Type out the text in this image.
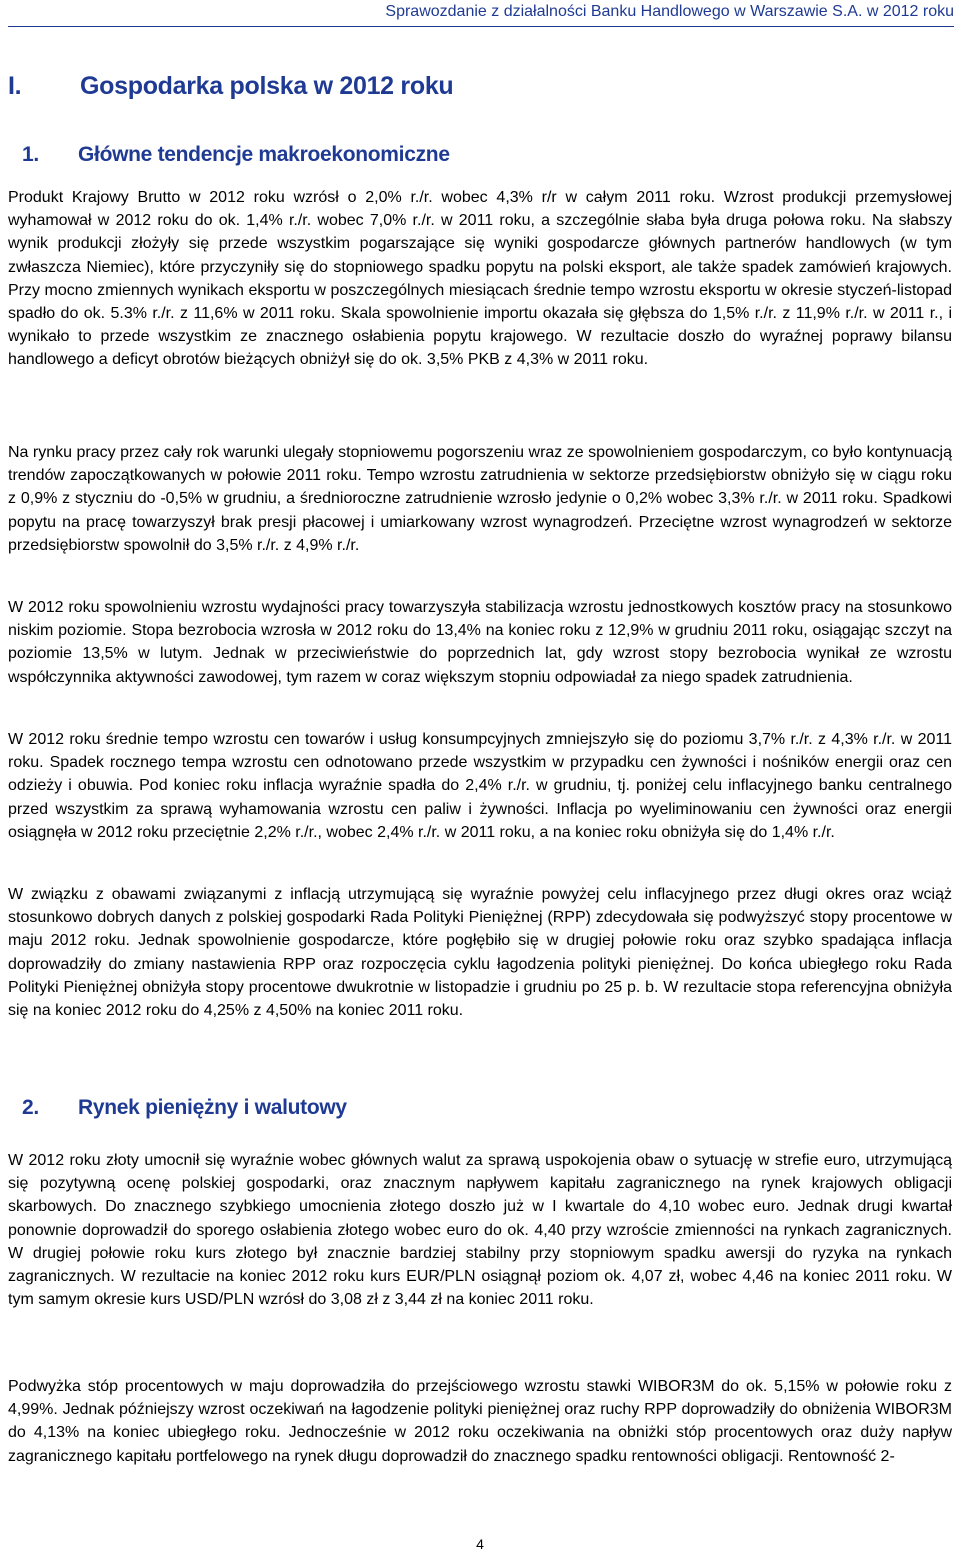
Sprawozdanie z działalności Banku Handlowego w Warszawie S.A. w 2012 roku
I. Gospodarka polska w 2012 roku
1. Główne tendencje makroekonomiczne

Produkt Krajowy Brutto w 2012 roku wzrósł o 2,0% r./r. wobec 4,3% r/r w całym 2011 roku. Wzrost produkcji przemysłowej wyhamował w 2012 roku do ok. 1,4% r./r. wobec 7,0% r./r. w 2011 roku, a szczególnie słaba była druga połowa roku. Na słabszy wynik produkcji złożyły się przede wszystkim pogarszające się wyniki gospodarcze głównych partnerów handlowych (w tym zwłaszcza Niemiec), które przyczyniły się do stopniowego spadku popytu na polski eksport, ale także spadek zamówień krajowych. Przy mocno zmiennych wynikach eksportu w poszczególnych miesiącach średnie tempo wzrostu eksportu w okresie styczeń-listopad spadło do ok. 5.3% r./r. z 11,6% w 2011 roku. Skala spowolnienie importu okazała się głębsza do 1,5% r./r. z 11,9% r./r. w 2011 r., i wynikało to przede wszystkim ze znacznego osłabienia popytu krajowego. W rezultacie doszło do wyraźnej poprawy bilansu handlowego a deficyt obrotów bieżących obniżył się do ok. 3,5% PKB z 4,3% w 2011 roku.

Na rynku pracy przez cały rok warunki ulegały stopniowemu pogorszeniu wraz ze spowolnieniem gospodarczym, co było kontynuacją trendów zapoczątkowanych w połowie 2011 roku. Tempo wzrostu zatrudnienia w sektorze przedsiębiorstw obniżyło się w ciągu roku z 0,9% z styczniu do -0,5% w grudniu, a średnioroczne zatrudnienie wzrosło jedynie o 0,2% wobec 3,3% r./r. w 2011 roku. Spadkowi popytu na pracę towarzyszył brak presji płacowej i umiarkowany wzrost wynagrodzeń. Przeciętne wzrost wynagrodzeń w sektorze przedsiębiorstw spowolnił do 3,5% r./r. z 4,9% r./r.

W 2012 roku spowolnieniu wzrostu wydajności pracy towarzyszyła stabilizacja wzrostu jednostkowych kosztów pracy na stosunkowo niskim poziomie. Stopa bezrobocia wzrosła w 2012 roku do 13,4% na koniec roku z 12,9% w grudniu 2011 roku, osiągając szczyt na poziomie 13,5% w lutym. Jednak w przeciwieństwie do poprzednich lat, gdy wzrost stopy bezrobocia wynikał ze wzrostu współczynnika aktywności zawodowej, tym razem w coraz większym stopniu odpowiadał za niego spadek zatrudnienia.

W 2012 roku średnie tempo wzrostu cen towarów i usług konsumpcyjnych zmniejszyło się do poziomu 3,7% r./r. z 4,3% r./r. w 2011 roku. Spadek rocznego tempa wzrostu cen odnotowano przede wszystkim w przypadku cen żywności i nośników energii oraz cen odzieży i obuwia. Pod koniec roku inflacja wyraźnie spadła do 2,4% r./r. w grudniu, tj. poniżej celu inflacyjnego banku centralnego przed wszystkim za sprawą wyhamowania wzrostu cen paliw i żywności. Inflacja po wyeliminowaniu cen żywności oraz energii osiągnęła w 2012 roku przeciętnie 2,2% r./r., wobec 2,4% r./r. w 2011 roku, a na koniec roku obniżyła się do 1,4% r./r.

W związku z obawami związanymi z inflacją utrzymującą się wyraźnie powyżej celu inflacyjnego przez długi okres oraz wciąż stosunkowo dobrych danych z polskiej gospodarki Rada Polityki Pieniężnej (RPP) zdecydowała się podwyższyć stopy procentowe w maju 2012 roku. Jednak spowolnienie gospodarcze, które pogłębiło się w drugiej połowie roku oraz szybko spadająca inflacja doprowadziły do zmiany nastawienia RPP oraz rozpoczęcia cyklu łagodzenia polityki pieniężnej. Do końca ubiegłego roku Rada Polityki Pieniężnej obniżyła stopy procentowe dwukrotnie w listopadzie i grudniu po 25 p. b. W rezultacie stopa referencyjna obniżyła się na koniec 2012 roku do 4,25% z 4,50% na koniec 2011 roku.

2. Rynek pieniężny i walutowy

W 2012 roku złoty umocnił się wyraźnie wobec głównych walut za sprawą uspokojenia obaw o sytuację w strefie euro, utrzymującą się pozytywną ocenę polskiej gospodarki, oraz znacznym napływem kapitału zagranicznego na rynek krajowych obligacji skarbowych. Do znacznego szybkiego umocnienia złotego doszło już w I kwartale do 4,10 wobec euro. Jednak drugi kwartał ponownie doprowadził do sporego osłabienia złotego wobec euro do ok. 4,40 przy wzroście zmienności na rynkach zagranicznych. W drugiej połowie roku kurs złotego był znacznie bardziej stabilny przy stopniowym spadku awersji do ryzyka na rynkach zagranicznych. W rezultacie na koniec 2012 roku kurs EUR/PLN osiągnął poziom ok. 4,07 zł, wobec 4,46 na koniec 2011 roku. W tym samym okresie kurs USD/PLN wzrósł do 3,08 zł z 3,44 zł na koniec 2011 roku.

Podwyżka stóp procentowych w maju doprowadziła do przejściowego wzrostu stawki WIBOR3M do ok. 5,15% w połowie roku z 4,99%. Jednak późniejszy wzrost oczekiwań na łagodzenie polityki pieniężnej oraz ruchy RPP doprowadziły do obniżenia WIBOR3M do 4,13% na koniec ubiegłego roku. Jednocześnie w 2012 roku oczekiwania na obniżki stóp procentowych oraz duży napływ zagranicznego kapitału portfelowego na rynek długu doprowadził do znacznego spadku rentowności obligacji. Rentowność 2-

4
